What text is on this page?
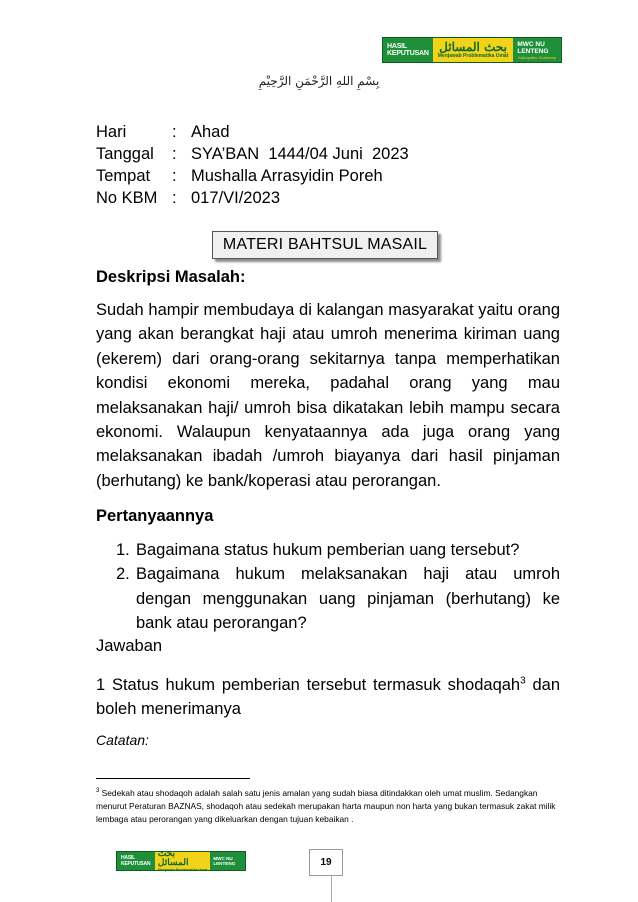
HASIL KEPUTUSAN بحث المسائل
Menjawab Problematika Umat
MWC NU LENTENG
Kabupaten Sumenep
بِسْمِ اللهِ الرَّحْمَنِ الرَّحِيْمِ
Hari	: Ahad
Tanggal	: SYA’BAN  1444/04 Juni  2023
Tempat	: Mushalla Arrasyidin Poreh
No KBM : 017/VI/2023
MATERI BAHTSUL MASAIL
Deskripsi Masalah:
Sudah hampir membudaya di kalangan masyarakat yaitu orang yang akan berangkat haji atau umroh menerima kiriman uang (ekerem) dari orang-orang sekitarnya tanpa memperhatikan kondisi ekonomi mereka, padahal orang yang mau melaksanakan haji/ umroh bisa dikatakan lebih mampu secara ekonomi. Walaupun kenyataannya ada juga orang yang melaksanakan ibadah /umroh biayanya dari hasil pinjaman (berhutang) ke bank/koperasi atau perorangan.
.
Pertanyaannya
1. Bagaimana status hukum pemberian uang tersebut?
2. Bagaimana hukum melaksanakan haji atau umroh dengan menggunakan uang pinjaman (berhutang) ke bank atau perorangan?
Jawaban
1 Status hukum pemberian tersebut termasuk shodaqah$^3$ dan  boleh menerimanya
Catatan:
$^3$ Sedekah atau shodaqoh adalah salah satu jenis amalan yang sudah biasa ditindakkan oleh umat muslim. Sedangkan menurut Peraturan BAZNAS, shodaqoh atau sedekah merupakan harta maupun non harta yang bukan termasuk zakat milik lembaga atau perorangan yang dikeluarkan dengan tujuan kebaikan .
HASIL KEPUTUSAN
بحث المسائل
Menjawab Problematika Umat
MWC NU LENTENG	19
